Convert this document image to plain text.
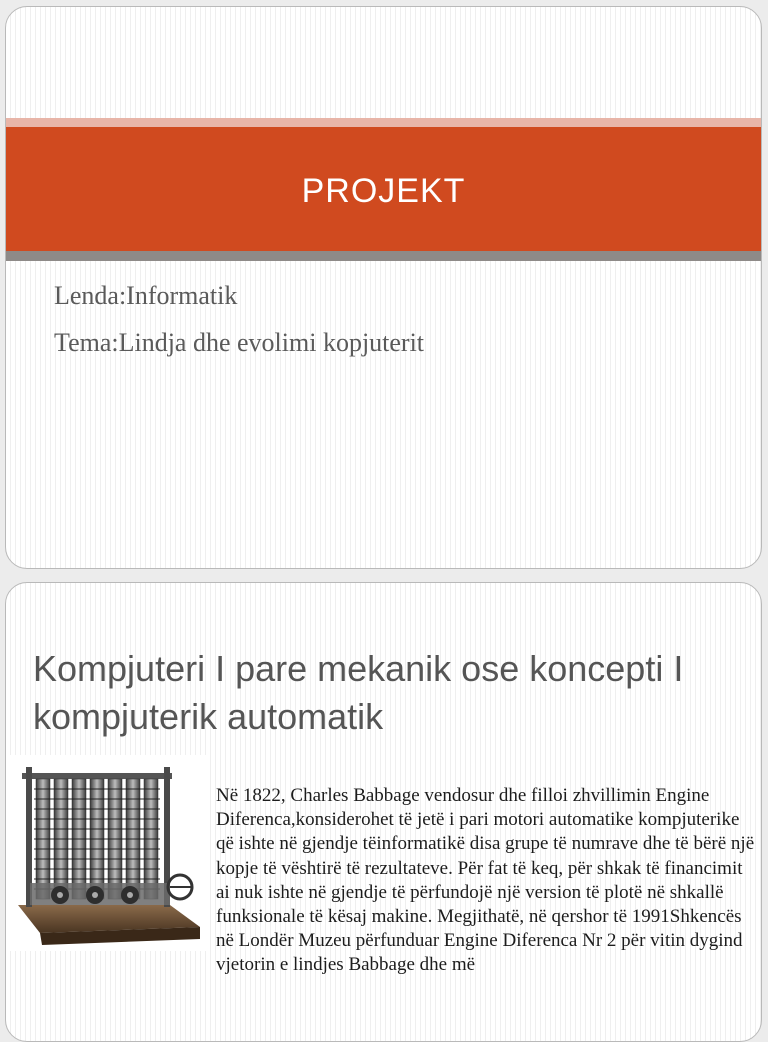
PROJEKT
Lenda:Informatik
Tema:Lindja dhe evolimi kopjuterit
Kompjuteri I pare mekanik ose koncepti I kompjuterik automatik
Në 1822, Charles Babbage vendosur dhe filloi zhvillimin Engine Diferenca,konsiderohet të jetë i pari motori automatike kompjuterike që ishte në gjendje tëinformatikë disa grupe të numrave dhe të bërë një kopje të vështirë të rezultateve. Për fat të keq, për shkak të financimit ai nuk ishte në gjendje të përfundojë një version të plotë në shkallë funksionale të kësaj makine. Megjithatë, në qershor të 1991Shkencës në Londër Muzeu përfunduar Engine Diferenca Nr 2 për vitin dygind vjetorin e lindjes Babbage dhe më
